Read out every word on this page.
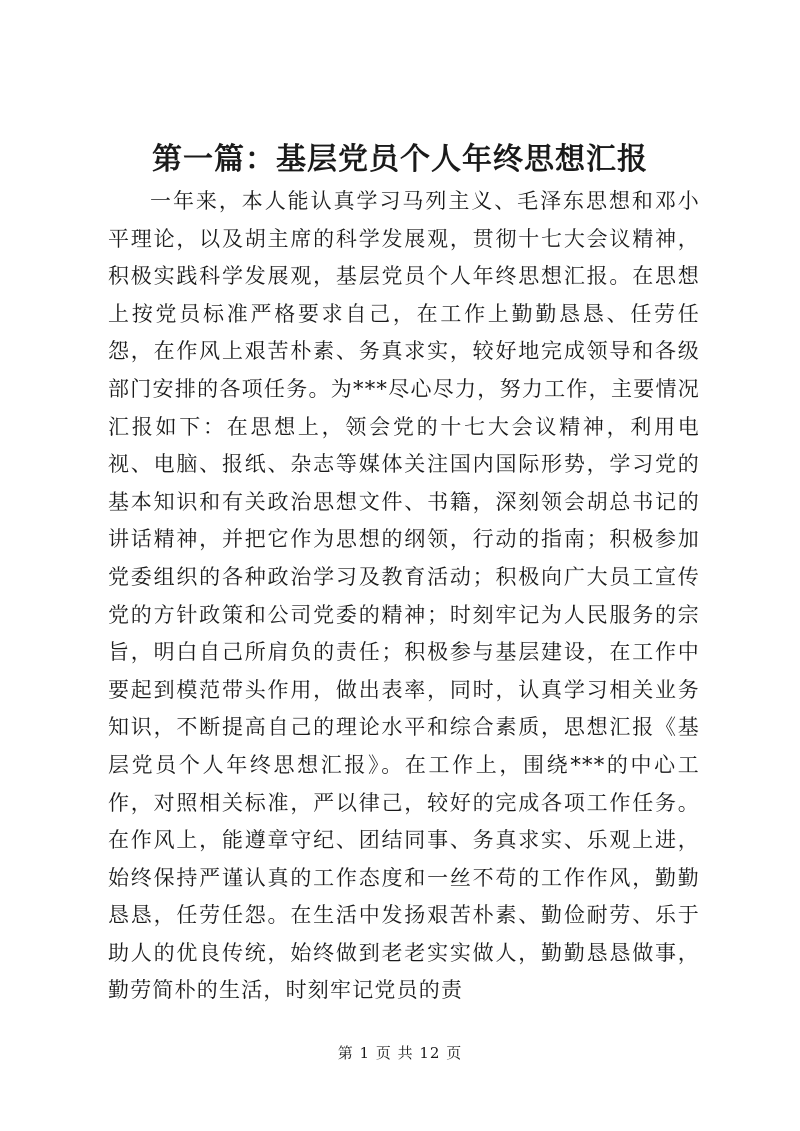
第一篇：基层党员个人年终思想汇报

一年来，本人能认真学习马列主义、毛泽东思想和邓小平理论，以及胡主席的科学发展观，贯彻十七大会议精神，积极实践科学发展观，基层党员个人年终思想汇报。在思想上按党员标准严格要求自己，在工作上勤勤恳恳、任劳任怨，在作风上艰苦朴素、务真求实，较好地完成领导和各级部门安排的各项任务。为***尽心尽力，努力工作，主要情况汇报如下：在思想上，领会党的十七大会议精神，利用电视、电脑、报纸、杂志等媒体关注国内国际形势，学习党的基本知识和有关政治思想文件、书籍，深刻领会胡总书记的讲话精神，并把它作为思想的纲领，行动的指南；积极参加党委组织的各种政治学习及教育活动；积极向广大员工宣传党的方针政策和公司党委的精神；时刻牢记为人民服务的宗旨，明白自己所肩负的责任；积极参与基层建设，在工作中要起到模范带头作用，做出表率，同时，认真学习相关业务知识，不断提高自己的理论水平和综合素质，思想汇报《基层党员个人年终思想汇报》。在工作上，围绕***的中心工作，对照相关标准，严以律己，较好的完成各项工作任务。在作风上，能遵章守纪、团结同事、务真求实、乐观上进，始终保持严谨认真的工作态度和一丝不苟的工作作风，勤勤恳恳，任劳任怨。在生活中发扬艰苦朴素、勤俭耐劳、乐于助人的优良传统，始终做到老老实实做人，勤勤恳恳做事，勤劳简朴的生活，时刻牢记党员的责

第 1 页 共 12 页
